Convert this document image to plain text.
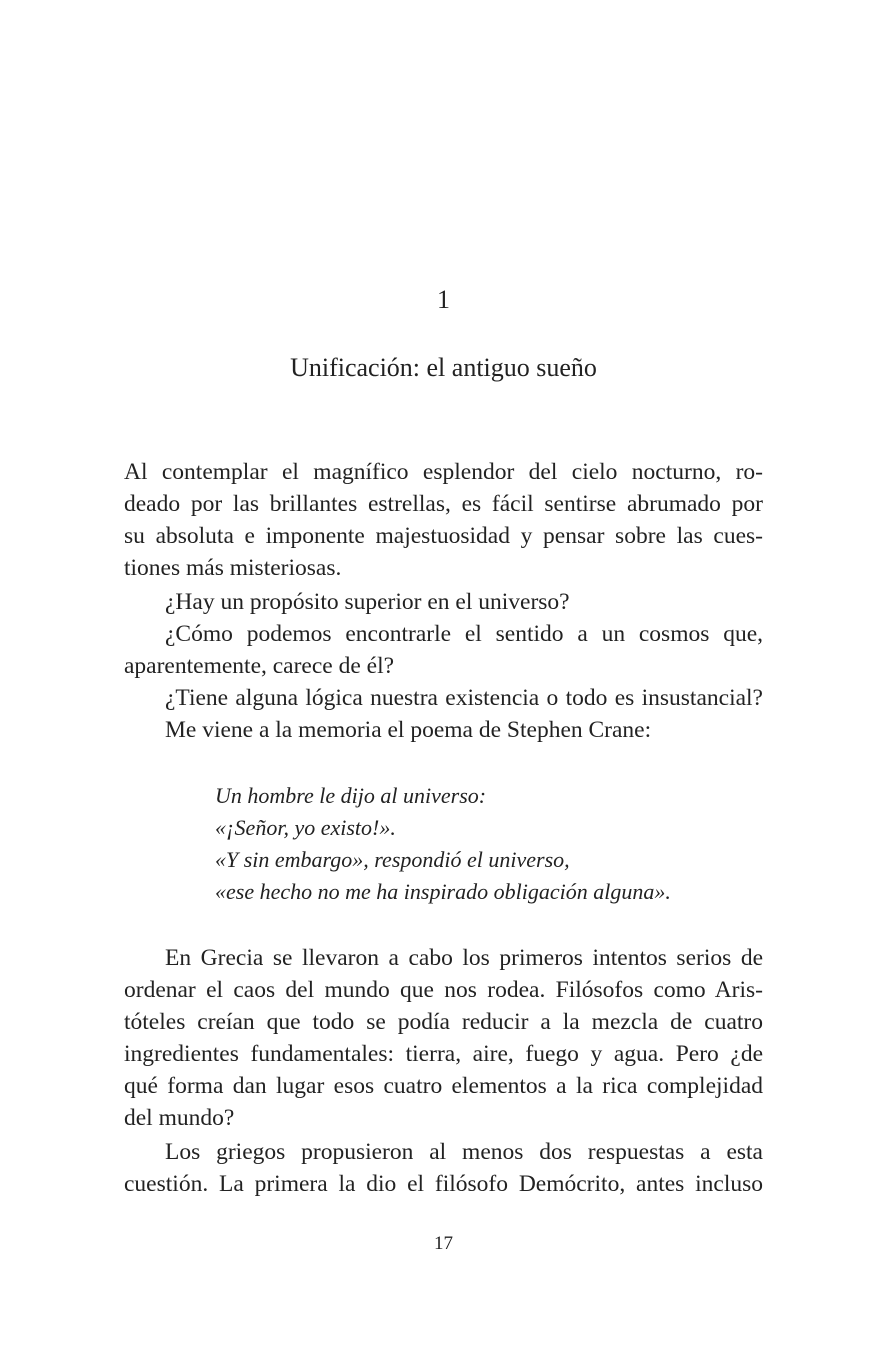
1
Unificación: el antiguo sueño
Al contemplar el magnífico esplendor del cielo nocturno, ro-
deado por las brillantes estrellas, es fácil sentirse abrumado por
su absoluta e imponente majestuosidad y pensar sobre las cues-
tiones más misteriosas.
¿Hay un propósito superior en el universo?
¿Cómo podemos encontrarle el sentido a un cosmos que,
aparentemente, carece de él?
¿Tiene alguna lógica nuestra existencia o todo es insustancial?
Me viene a la memoria el poema de Stephen Crane:
Un hombre le dijo al universo:
«¡Señor, yo existo!».
«Y sin embargo», respondió el universo,
«ese hecho no me ha inspirado obligación alguna».
En Grecia se llevaron a cabo los primeros intentos serios de
ordenar el caos del mundo que nos rodea. Filósofos como Aris-
tóteles creían que todo se podía reducir a la mezcla de cuatro
ingredientes fundamentales: tierra, aire, fuego y agua. Pero ¿de
qué forma dan lugar esos cuatro elementos a la rica complejidad
del mundo?
Los griegos propusieron al menos dos respuestas a esta
cuestión. La primera la dio el filósofo Demócrito, antes incluso
17
